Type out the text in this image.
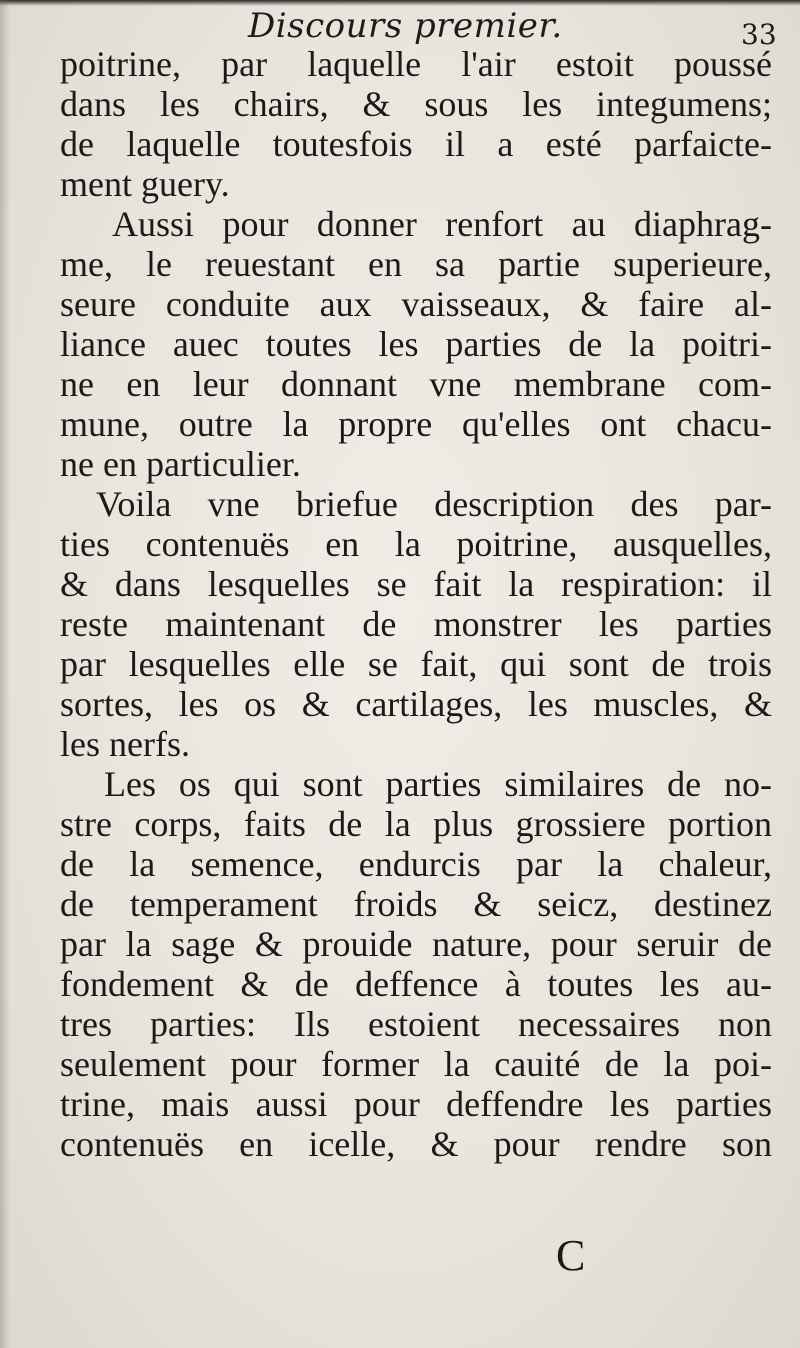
Discours premier.	33

poitrine, par laquelle l'air estoit poussé

dans les chairs, & sous les integumens;

de laquelle toutesfois il a esté parfaicte-

ment guery.

Aussi pour donner renfort au diaphrag-

me, le reuestant en sa partie superieure,

seure conduite aux vaisseaux, & faire al-

liance auec toutes les parties de la poitri-

ne en leur donnant vne membrane com-

mune, outre la propre qu'elles ont chacu-

ne en particulier.

Voila vne briefue description des par-

ties contenuës en la poitrine, ausquelles,

& dans lesquelles se fait la respiration: il

reste maintenant de monstrer les parties

par lesquelles elle se fait, qui sont de trois

sortes, les os & cartilages, les muscles, &

les nerfs.

Les os qui sont parties similaires de no-

stre corps, faits de la plus grossiere portion

de la semence, endurcis par la chaleur,

de temperament froids & seicz, destinez

par la sage & prouide nature, pour seruir de

fondement & de deffence à toutes les au-

tres parties: Ils estoient necessaires non

seulement pour former la cauité de la poi-

trine, mais aussi pour deffendre les parties

contenuës en icelle, & pour rendre son

C
